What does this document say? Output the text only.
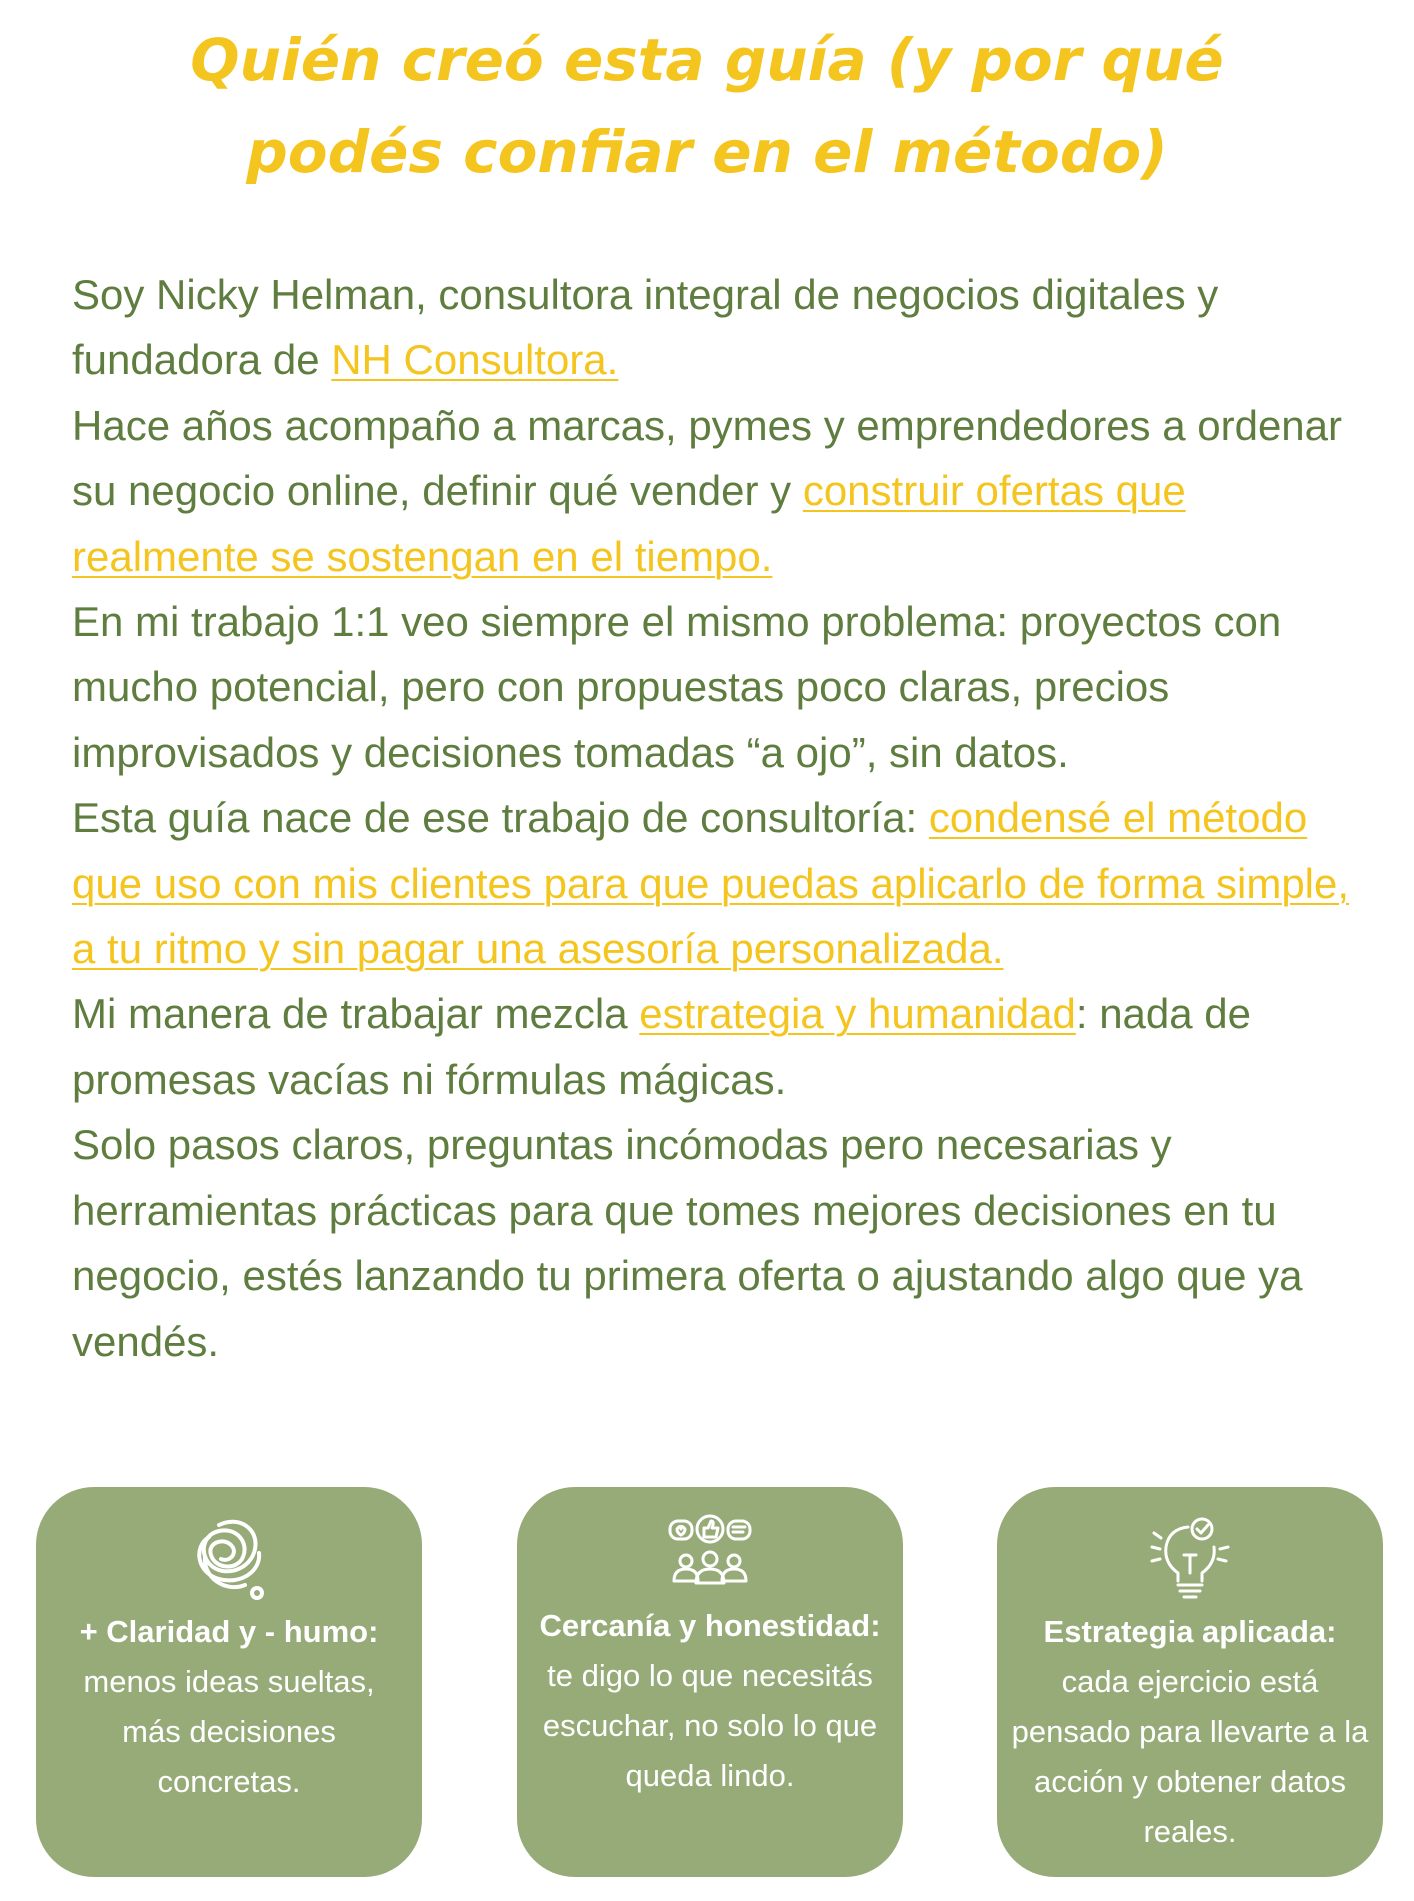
Quién creó esta guía (y por qué
podés confiar en el método)

Soy Nicky Helman, consultora integral de negocios digitales y fundadora de NH Consultora.

Hace años acompaño a marcas, pymes y emprendedores a ordenar su negocio online, definir qué vender y construir ofertas que realmente se sostengan en el tiempo.

En mi trabajo 1:1 veo siempre el mismo problema: proyectos con mucho potencial, pero con propuestas poco claras, precios improvisados y decisiones tomadas “a ojo”, sin datos.

Esta guía nace de ese trabajo de consultoría: condensé el método que uso con mis clientes para que puedas aplicarlo de forma simple, a tu ritmo y sin pagar una asesoría personalizada.

Mi manera de trabajar mezcla estrategia y humanidad: nada de promesas vacías ni fórmulas mágicas.

Solo pasos claros, preguntas incómodas pero necesarias y herramientas prácticas para que tomes mejores decisiones en tu negocio, estés lanzando tu primera oferta o ajustando algo que ya vendés.

+ Claridad y - humo: menos ideas sueltas, más decisiones concretas.
Cercanía y honestidad: te digo lo que necesitás escuchar, no solo lo que queda lindo.
Estrategia aplicada: cada ejercicio está pensado para llevarte a la acción y obtener datos reales.
